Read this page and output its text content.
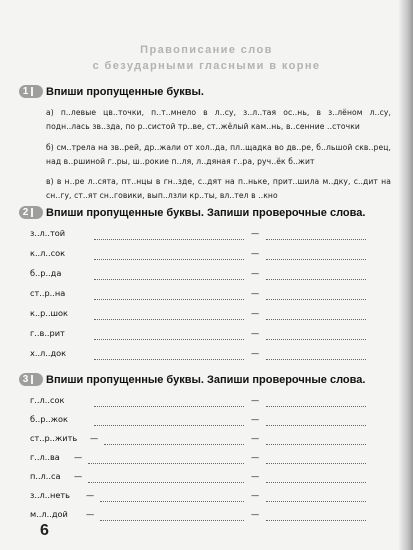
Правописание слов
с безударными гласными в корне
1	Впиши пропущенные буквы.
а) п..левые цв..точки, п..т..мнело в л..су, з..л..тая ос..нь, в з..лёном л..су, подн..лась зв..зда, по р..систой тр..ве, ст..жёлый кам..нь, в..сенние ..сточки
б) см..трела на зв..рей, др..жали от хол..да, пл..щадка во дв..ре, б..льшой скв..рец, над в..ршиной г..ры, ш..рокие п..ля, л..дяная г..ра, руч..ёк б..жит
в) в н..ре л..сята, пт..нцы в гн..зде, с..дят на п..ньке, прит..шила м..дку, с..дит на сн..гу, ст..ят сн..говики, вып..лзли кр..ты, вл..тел в ..кно
2	Впиши пропущенные буквы. Запиши проверочные слова.
з..л..той	—
к..л..сок	—
б..р..да	—
ст..р..на	—
к..р..шок	—
г..в..рит	—
х..л..док	—
3	Впиши пропущенные буквы. Запиши проверочные слова.
г..л..сок	—
б..р..жок	—
ст..р..жить —	—
г..л..ва —	—
п..л..са —	—
з..л..неть —	—
м..л..дой —	—
6
